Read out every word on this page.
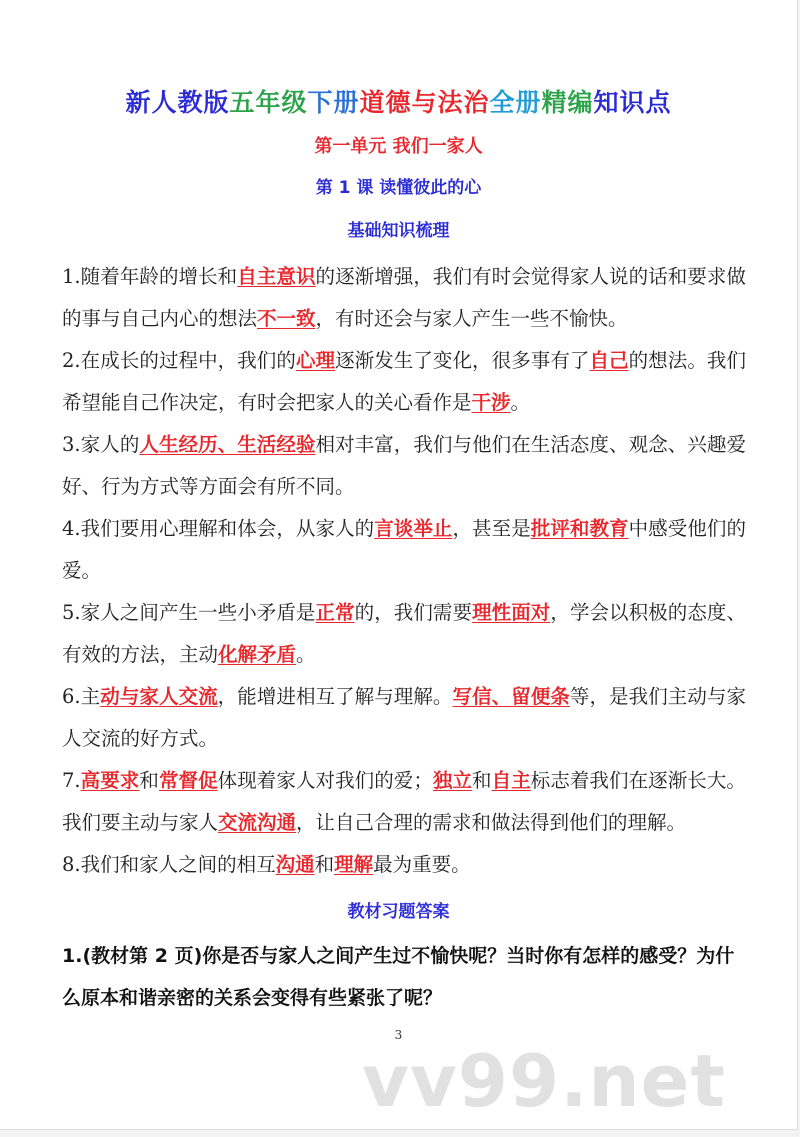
新人教版五年级下册道德与法治全册精编知识点
第一单元 我们一家人
第 1 课 读懂彼此的心
基础知识梳理

1.随着年龄的增长和自主意识的逐渐增强，我们有时会觉得家人说的话和要求做的事与自己内心的想法不一致，有时还会与家人产生一些不愉快。

2.在成长的过程中，我们的心理逐渐发生了变化，很多事有了自己的想法。我们希望能自己作决定，有时会把家人的关心看作是干涉。

3.家人的人生经历、生活经验相对丰富，我们与他们在生活态度、观念、兴趣爱好、行为方式等方面会有所不同。

4.我们要用心理解和体会，从家人的言谈举止，甚至是批评和教育中感受他们的爱。

5.家人之间产生一些小矛盾是正常的，我们需要理性面对，学会以积极的态度、有效的方法，主动化解矛盾。

6.主动与家人交流，能增进相互了解与理解。写信、留便条等，是我们主动与家人交流的好方式。

7.高要求和常督促体现着家人对我们的爱；独立和自主标志着我们在逐渐长大。我们要主动与家人交流沟通，让自己合理的需求和做法得到他们的理解。

8.我们和家人之间的相互沟通和理解最为重要。

教材习题答案
1.(教材第 2 页)你是否与家人之间产生过不愉快呢？当时你有怎样的感受？为什么原本和谐亲密的关系会变得有些紧张了呢？
3
vv99.net
